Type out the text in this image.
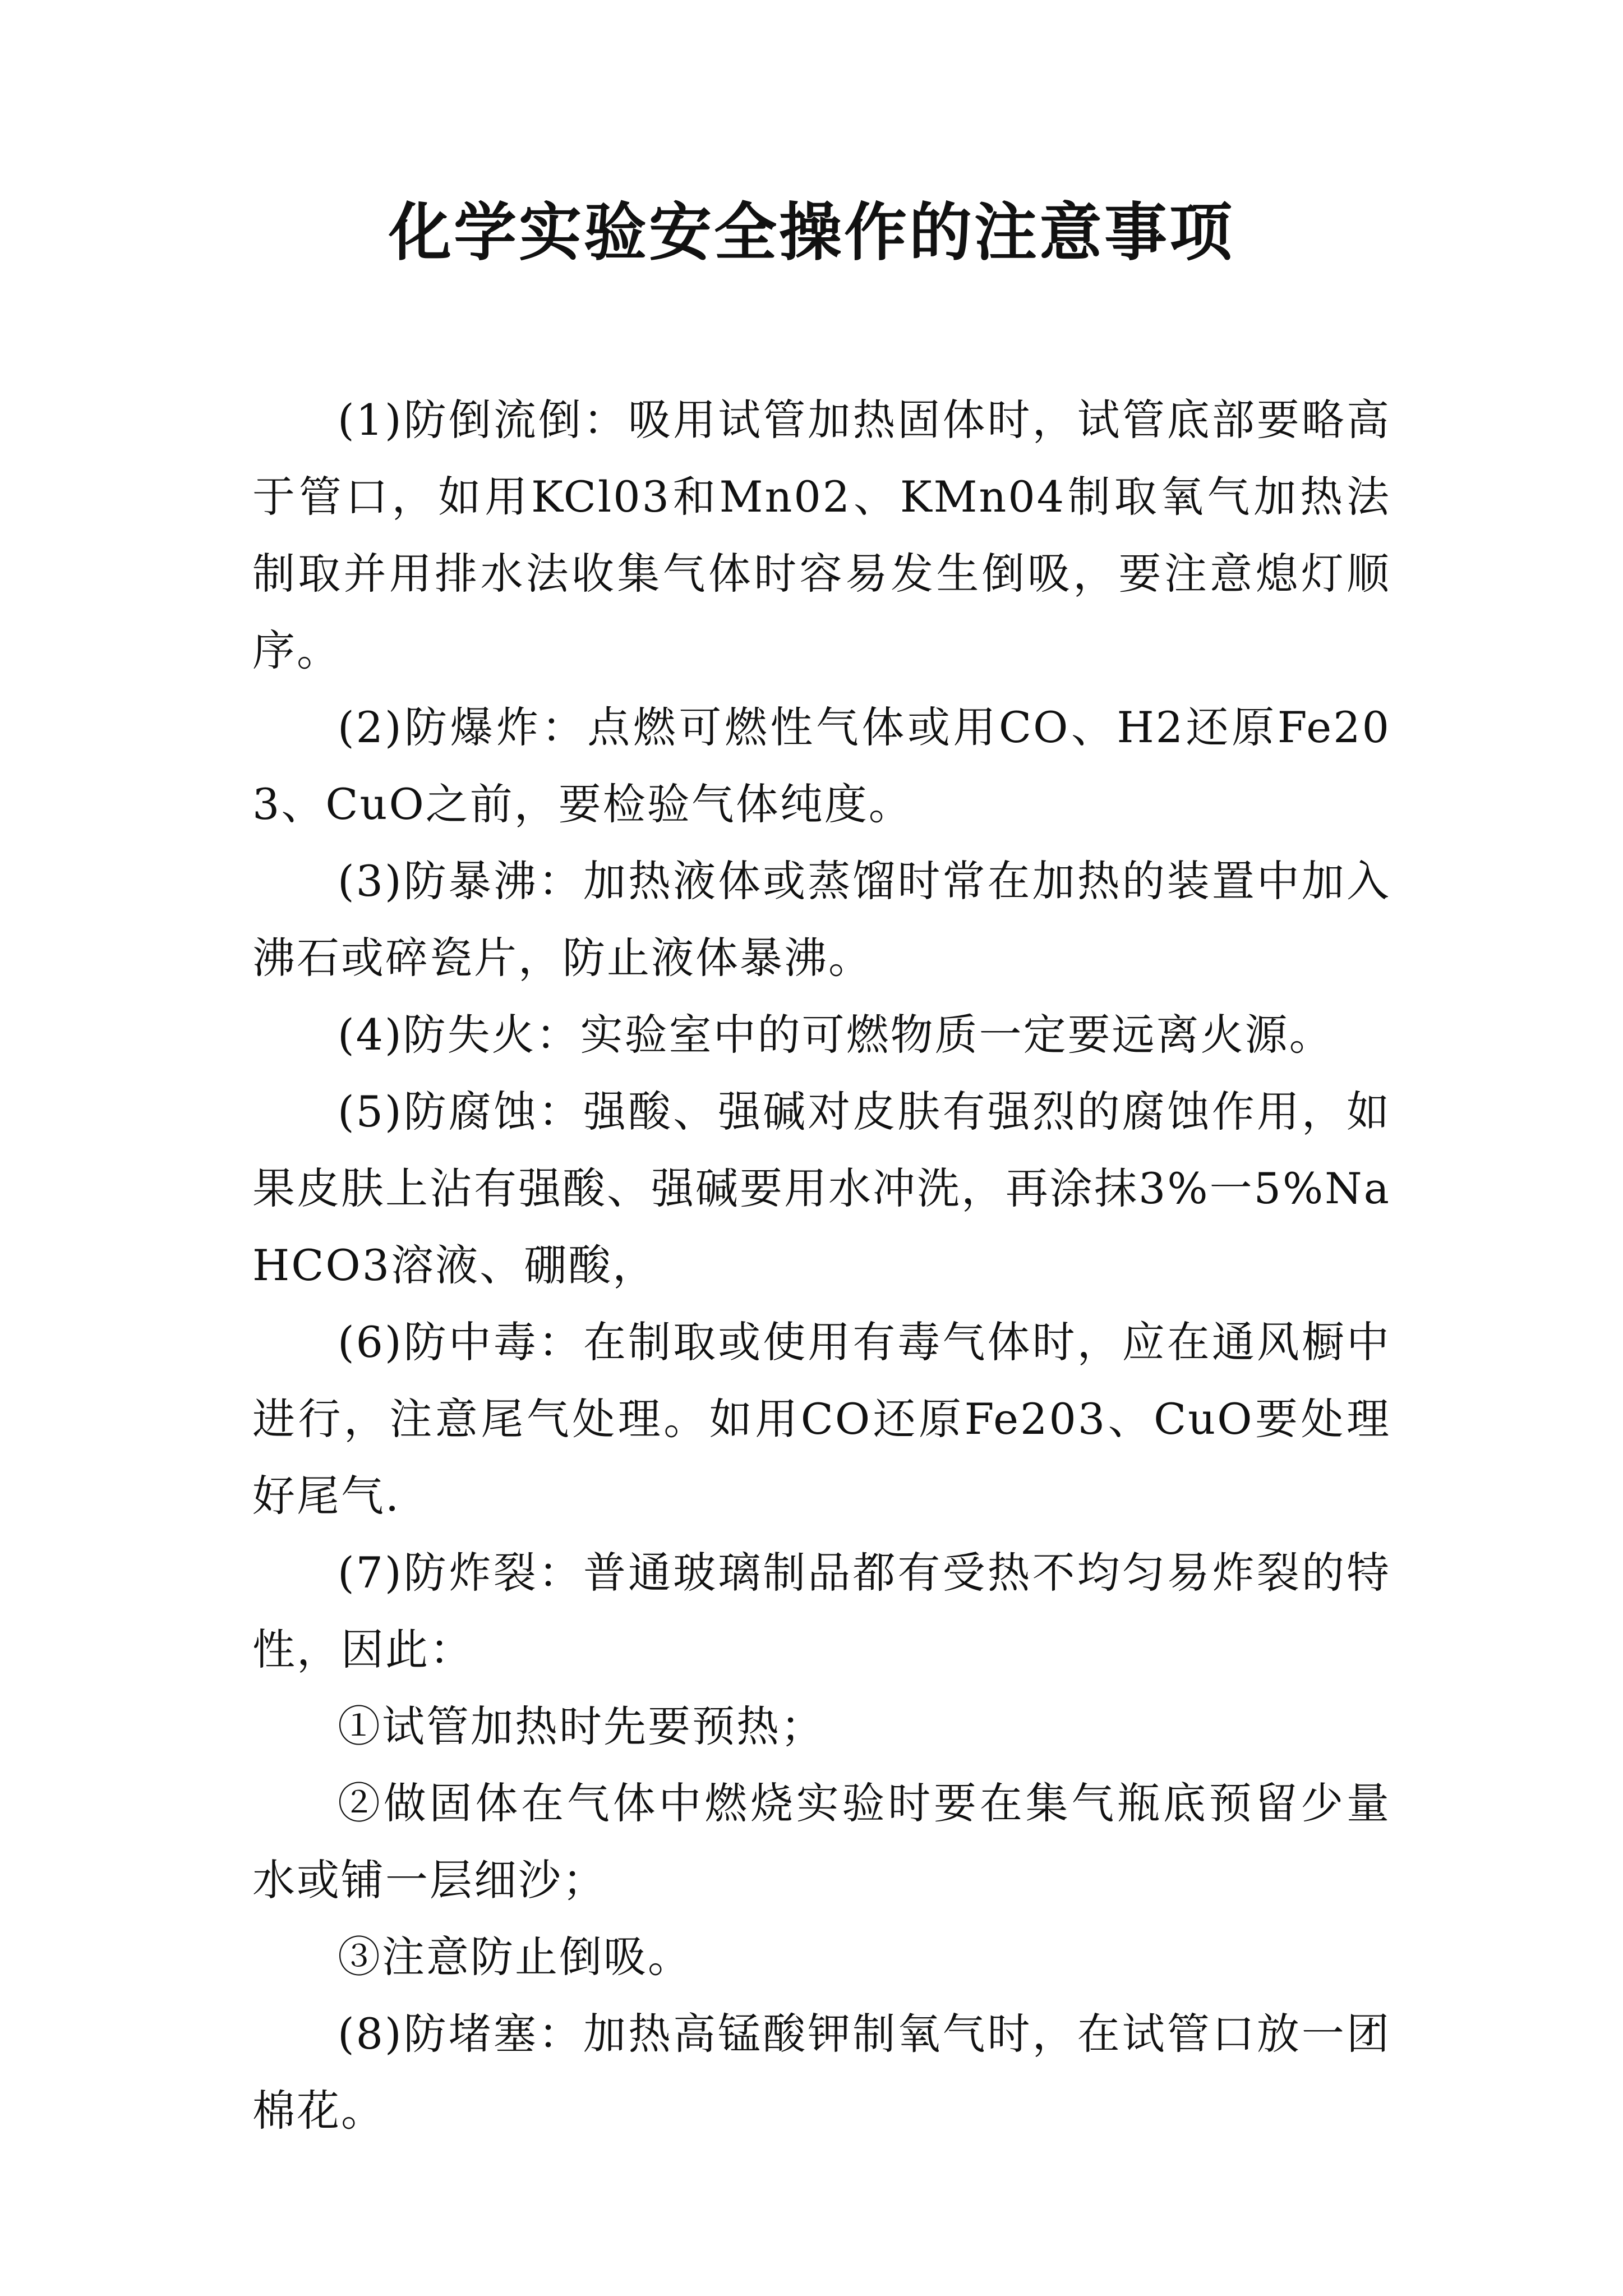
化学实验安全操作的注意事项

(1)防倒流倒：吸用试管加热固体时，试管底部要略高于管口，如用KCl03和Mn02、KMn04制取氧气加热法制取并用排水法收集气体时容易发生倒吸，要注意熄灯顺序。

(2)防爆炸：点燃可燃性气体或用CO、H2还原Fe203、CuO之前，要检验气体纯度。

(3)防暴沸：加热液体或蒸馏时常在加热的装置中加入沸石或碎瓷片，防止液体暴沸。

(4)防失火：实验室中的可燃物质一定要远离火源。

(5)防腐蚀：强酸、强碱对皮肤有强烈的腐蚀作用，如果皮肤上沾有强酸、强碱要用水冲洗，再涂抹3%一5%NaHCO3溶液、硼酸，

(6)防中毒：在制取或使用有毒气体时，应在通风橱中进行，注意尾气处理。如用CO还原Fe203、CuO要处理好尾气.

(7)防炸裂：普通玻璃制品都有受热不均匀易炸裂的特性，因此：

①试管加热时先要预热；

②做固体在气体中燃烧实验时要在集气瓶底预留少量水或铺一层细沙；

③注意防止倒吸。

(8)防堵塞：加热高锰酸钾制氧气时，在试管口放一团棉花。
